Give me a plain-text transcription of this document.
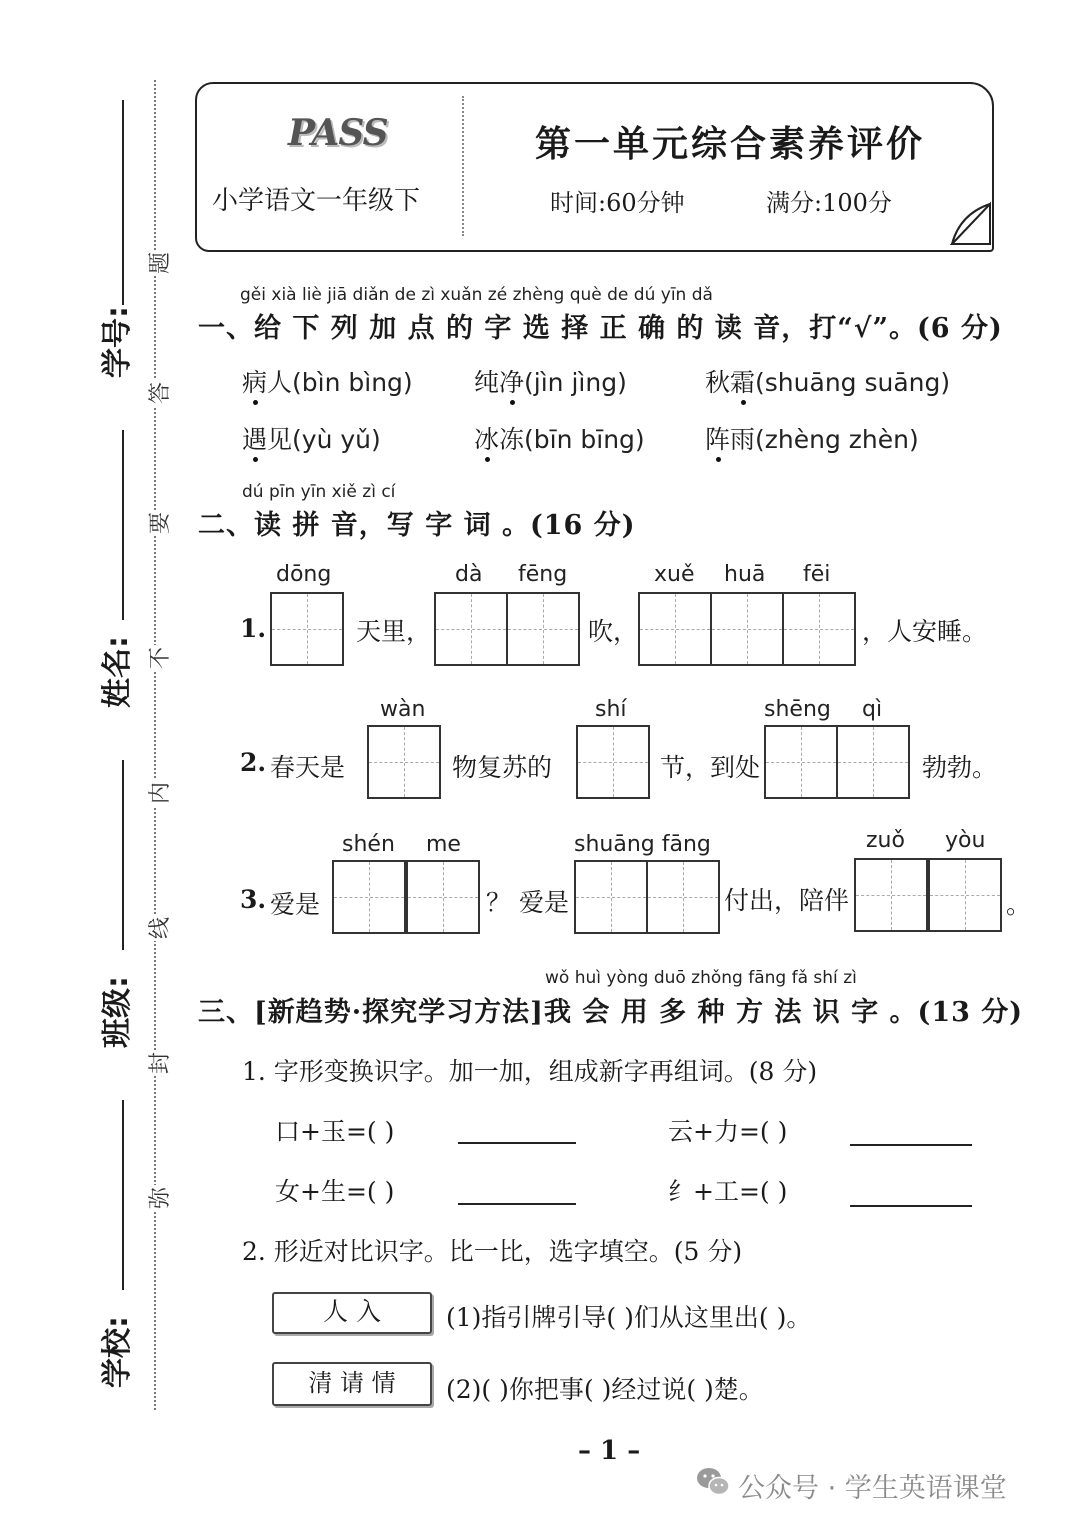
学号:
姓名:
班级:
学校:
题
答
要
不
内
线
封
弥
PASS
小学语文一年级下
第一单元综合素养评价
时间:60分钟	满分:100分
gěi xià liè jiā diǎn de zì xuǎn zé zhèng què de dú yīn dǎ
一、给 下 列 加 点 的 字 选 择 正 确 的 读 音，打“√”。(6 分)
病人(bìn bìng) 纯净(jìn jìng)	秋霜(shuāng suāng)
遇见(yù yǔ)	冰冻(bīn bīng) 阵雨(zhèng zhèn)
dú pīn yīn xiě zì cí
二、读 拼 音，写 字 词 。(16 分)
dōng	dà fēng	xuě huā fēi
1.	天里，	吹，	，人安睡。
wàn	shí	shēng qì
2. 春天是	物复苏的	节，到处	勃勃。
shén me	shuāng fāng	zuǒ yòu
3. 爱是	？ 爱是	付出，陪伴	。
wǒ huì yòng duō zhǒng fāng fǎ shí zì
三、[新趋势·探究学习方法]我 会 用 多 种 方 法 识 字 。(13 分)
1. 字形变换识字。加一加，组成新字再组词。(8 分)
口+玉=( )	云+力=( )
女+生=( )	纟+工=( )
2. 形近对比识字。比一比，选字填空。(5 分)
人 入	(1)指引牌引导( )们从这里出( )。
清 请 情	(2)( )你把事( )经过说( )楚。
– 1 –
公众号 · 学生英语课堂
